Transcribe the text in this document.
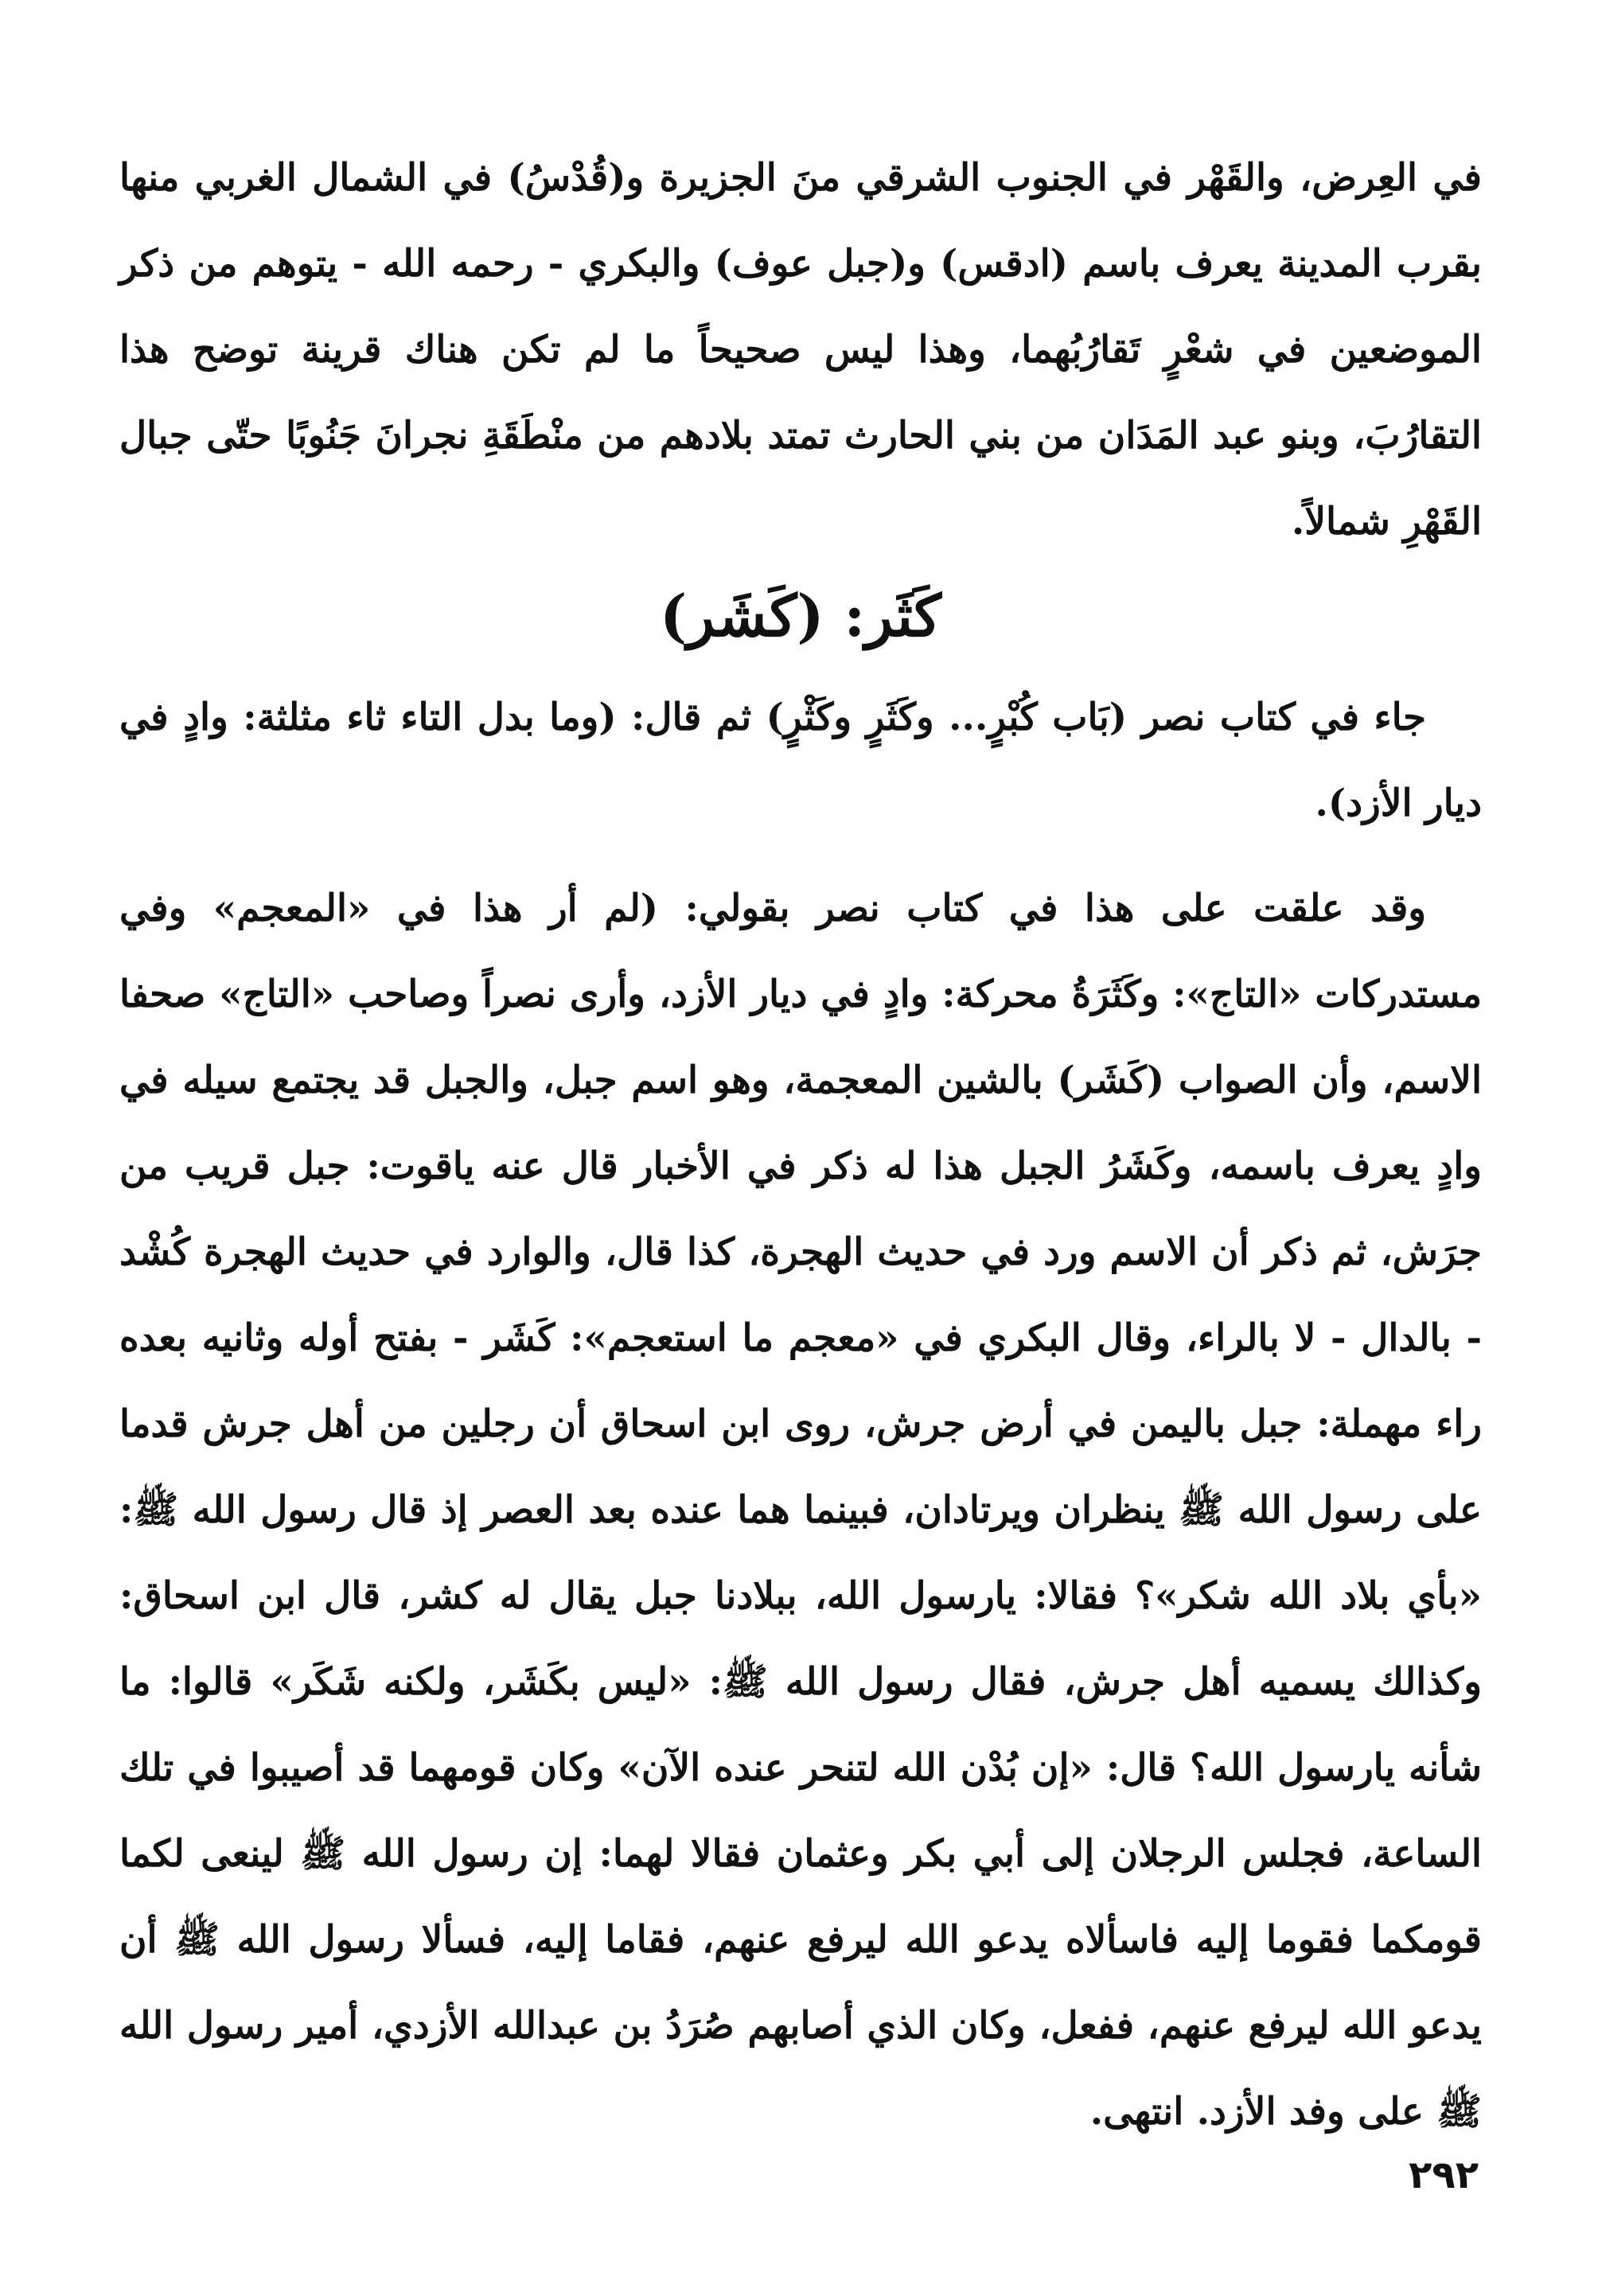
في العِرض، والقَهْر في الجنوب الشرقي منَ الجزيرة و(قُدْسُ) في الشمال الغربي منها بقرب المدينة يعرف باسم (ادقس) و(جبل عوف) والبكري - رحمه الله - يتوهم من ذكر الموضعين في شعْرٍ تَقارُبُهما، وهذا ليس صحيحاً ما لم تكن هناك قرينة توضح هذا التقارُبَ، وبنو عبد المَدَان من بني الحارث تمتد بلادهم من منْطَقَةِ نجرانَ جَنُوبًا حتّى جبال القَهْرِ شمالاً.

كَثَر: (كَشَر)

جاء في كتاب نصر (بَاب كُبْرٍ... وكَثَرٍ وكَثْرٍ) ثم قال: (وما بدل التاء ثاء مثلثة: وادٍ في ديار الأزد).

وقد علقت على هذا في كتاب نصر بقولي: (لم أر هذا في «المعجم» وفي مستدركات «التاج»: وكَثَرَةُ محركة: وادٍ في ديار الأزد، وأرى نصراً وصاحب «التاج» صحفا الاسم، وأن الصواب (كَشَر) بالشين المعجمة، وهو اسم جبل، والجبل قد يجتمع سيله في وادٍ يعرف باسمه، وكَشَرُ الجبل هذا له ذكر في الأخبار قال عنه ياقوت: جبل قريب من جرَش، ثم ذكر أن الاسم ورد في حديث الهجرة، كذا قال، والوارد في حديث الهجرة كُشْد - بالدال - لا بالراء، وقال البكري في «معجم ما استعجم»: كَشَر - بفتح أوله وثانيه بعده راء مهملة: جبل باليمن في أرض جرش، روى ابن اسحاق أن رجلين من أهل جرش قدما على رسول الله ﷺ ينظران ويرتادان، فبينما هما عنده بعد العصر إذ قال رسول الله ﷺ: «بأي بلاد الله شكر»؟ فقالا: يارسول الله، ببلادنا جبل يقال له كشر، قال ابن اسحاق: وكذالك يسميه أهل جرش، فقال رسول الله ﷺ: «ليس بكَشَر، ولكنه شَكَر» قالوا: ما شأنه يارسول الله؟ قال: «إن بُدْن الله لتنحر عنده الآن» وكان قومهما قد أصيبوا في تلك الساعة، فجلس الرجلان إلى أبي بكر وعثمان فقالا لهما: إن رسول الله ﷺ لينعى لكما قومكما فقوما إليه فاسألاه يدعو الله ليرفع عنهم، فقاما إليه، فسألا رسول الله ﷺ أن يدعو الله ليرفع عنهم، ففعل، وكان الذي أصابهم صُرَدُ بن عبدالله الأزدي، أمير رسول الله ﷺ على وفد الأزد. انتهى.

٢٩٢
